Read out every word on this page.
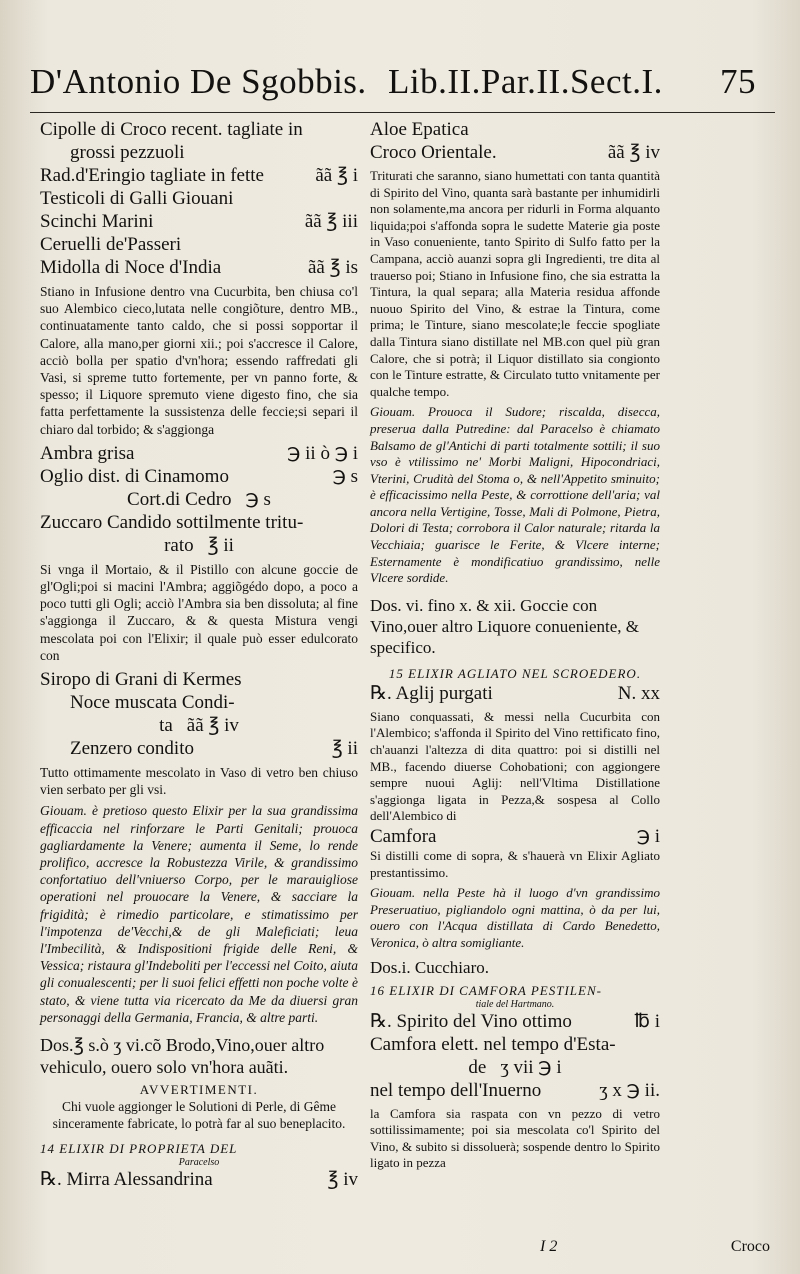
D'Antonio De Sgobbis. Lib.II.Par.II.Sect.I. 75
Cipolle di Croco recent. tagliate in
grossi pezzuoli
Rad.d'Eringio tagliate in fette	ãã ℥ i
Testicoli di Galli Giouani
Scinchi Marini	ãã ℥ iii
Ceruelli de'Passeri
Midolla di Noce d'India	ãã ℥ is
Stiano in Infusione dentro vna Cucurbita, ben chiusa co'l suo Alembico cieco,lutata nelle congiõture, dentro MB., continuatamente tanto caldo, che si possi sopportar il Calore, alla mano,per giorni xii.; poi s'accresce il Calore, acciò bolla per spatio d'vn'hora; essendo raffredati gli Vasi, si spreme tutto fortemente, per vn panno forte, & spesso; il Liquore spremuto viene digesto fino, che sia fatta perfettamente la sussistenza delle feccie;si separi il chiaro dal torbido; & s'aggionga
Ambra grisa	℈ ii ò ℈ i
Oglio dist. di Cinamomo	℈ s
Cort.di Cedro ℈ s
Zuccaro Candido sottilmente tritu-
rato ℥ ii
Si vnga il Mortaio, & il Pistillo con alcune goccie de gl'Ogli;poi si macini l'Ambra; aggiõgédo dopo, a poco a poco tutti gli Ogli; acciò l'Ambra sia ben dissoluta; al fine s'aggionga il Zuccaro, & & questa Mistura vengi mescolata poi con l'Elixir; il quale può esser edulcorato con
Siropo di Grani di Kermes
Noce muscata Condi-
ta ãã ℥ iv
Zenzero condito	℥ ii
Tutto ottimamente mescolato in Vaso di vetro ben chiuso vien serbato per gli vsi.
Giouam. è pretioso questo Elixir per la sua grandissima efficaccia nel rinforzare le Parti Genitali; prouoca gagliardamente la Venere; aumenta il Seme, lo rende prolifico, accresce la Robustezza Virile, & grandissimo confortatiuo dell'vniuerso Corpo, per le marauigliose operationi nel prouocare la Venere, & sacciare la frigidità; è rimedio particolare, e stimatissimo per l'impotenza de'Vecchi,& de gli Maleficiati; leua l'Imbecilità, & Indispositioni frigide delle Reni, & Vessica; ristaura gl'Indeboliti per l'eccessi nel Coito, aiuta gli conualescenti; per li suoi felici effetti non poche volte è stato, & viene tutta via ricercato da Me da diuersi gran personaggi della Germania, Francia, & altre parti.
Dos.℥ s.ò ʒ vi.cõ Brodo,Vino,ouer altro vehiculo, ouero solo vn'hora auãti.
AVVERTIMENTI.
Chi vuole aggionger le Solutioni di Perle, di Gême sinceramente fabricate, lo potrà far al suo beneplacito.
14 ELIXIR DI PROPRIETA DEL
Paracelso
℞. Mirra Alessandrina	℥ iv
Aloe Epatica
Croco Orientale.	ãã ℥ iv
Triturati che saranno, siano humettati con tanta quantità di Spirito del Vino, quanta sarà bastante per inhumidirli non solamente,ma ancora per ridurli in Forma alquanto liquida;poi s'affonda sopra le sudette Materie gia poste in Vaso conueniente, tanto Spirito di Sulfo fatto per la Campana, acciò auanzi sopra gli Ingredienti, tre dita al trauerso poi; Stiano in Infusione fino, che sia estratta la Tintura, la qual separa; alla Materia residua affonde nuouo Spirito del Vino, & estrae la Tintura, come prima; le Tinture, siano mescolate;le feccie spogliate dalla Tintura siano distillate nel MB.con quel più gran Calore, che si potrà; il Liquor distillato sia congionto con le Tinture estratte, & Circulato tutto vnitamente per qualche tempo.
Giouam. Prouoca il Sudore; riscalda, disecca, preserua dalla Putredine: dal Paracelso è chiamato Balsamo de gl'Antichi di parti totalmente sottili; il suo vso è vtilissimo ne' Morbi Maligni, Hipocondriaci, Vterini, Crudità del Stoma o, & nell'Appetito sminuito; è efficacissimo nella Peste, & corrottione dell'aria; val ancora nella Vertigine, Tosse, Mali di Polmone, Pietra, Dolori di Testa; corrobora il Calor naturale; ritarda la Vecchiaia; guarisce le Ferite, & Vlcere interne; Esternamente è mondificatiuo grandissimo, nelle Vlcere sordide.
Dos. vi. fino x. & xii. Goccie con Vino,ouer altro Liquore conueniente, & specifico.
15 ELIXIR AGLIATO NEL SCROEDERO.
℞. Aglij purgati	N. xx
Siano conquassati, & messi nella Cucurbita con l'Alembico; s'affonda il Spirito del Vino rettificato fino, ch'auanzi l'altezza di dita quattro: poi si distilli nel MB., facendo diuerse Cohobationi; con aggiongere sempre nuoui Aglij: nell'Vltima Distillatione s'aggionga ligata in Pezza,& sospesa al Collo dell'Alembico di
Camfora	℈ i
Si distilli come di sopra, & s'hauerà vn Elixir Agliato prestantissimo.
Giouam. nella Peste hà il luogo d'vn grandissimo Preseruatiuo, pigliandolo ogni mattina, ò da per lui, ouero con l'Acqua distillata di Cardo Benedetto, Veronica, ò altra somigliante.
Dos.i. Cucchiaro.
16 ELIXIR DI CAMFORA PESTILEN-
tiale del Hartmano.
℞. Spirito del Vino ottimo	℔ i
Camfora elett. nel tempo d'Esta-
de ʒ vii ℈ i
nel tempo dell'Inuerno	ʒ x ℈ ii.
la Camfora sia raspata con vn pezzo di vetro sottilissimamente; poi sia mescolata co'l Spirito del Vino, & subito si dissoluerà; sospende dentro lo Spirito ligato in pezza
I 2	Croco
